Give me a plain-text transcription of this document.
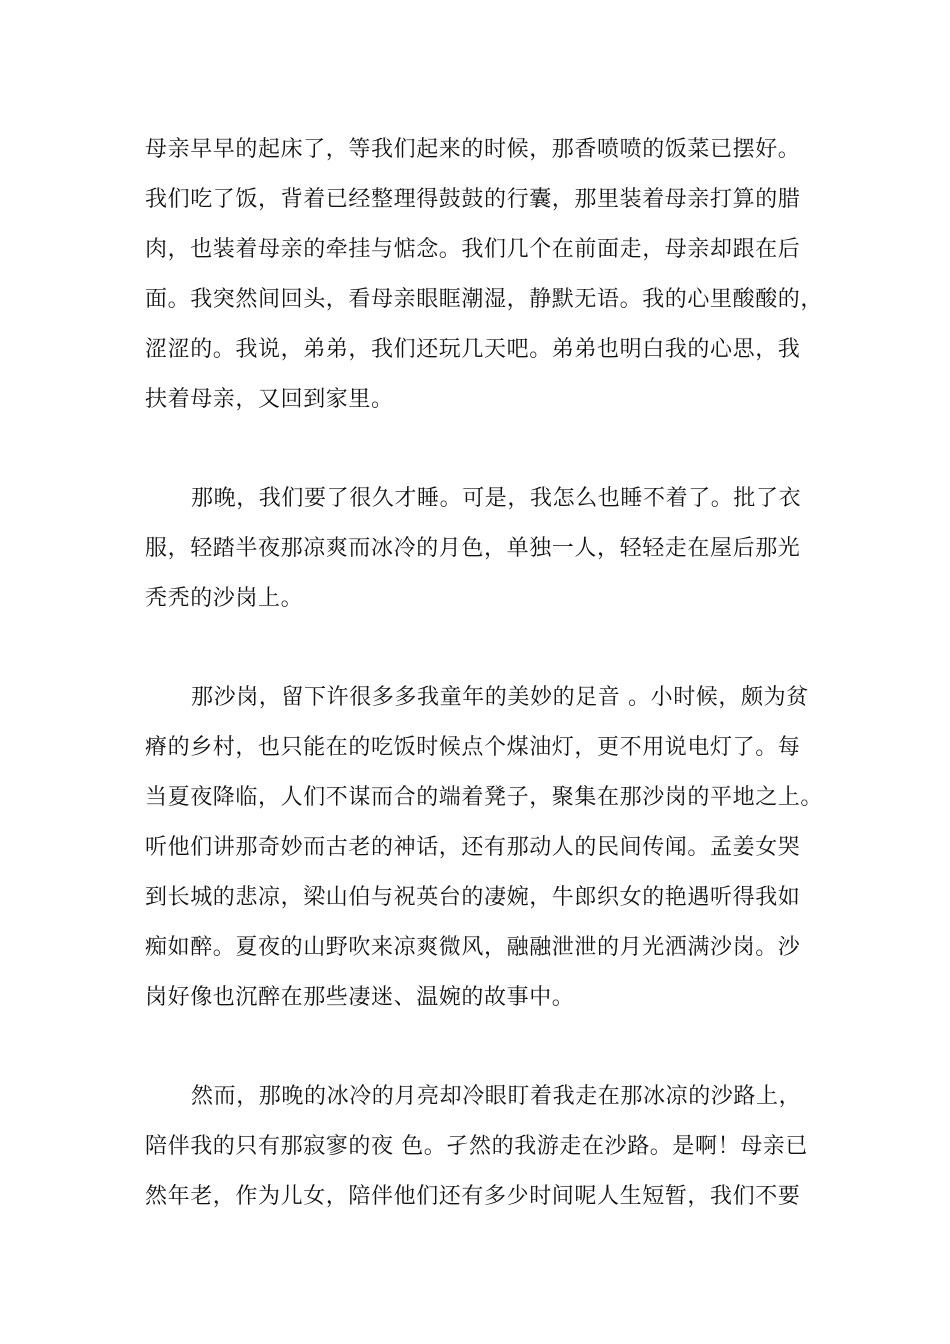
母亲早早的起床了，等我们起来的时候，那香喷喷的饭菜已摆好。
我们吃了饭，背着已经整理得鼓鼓的行囊，那里装着母亲打算的腊
肉，也装着母亲的牵挂与惦念。我们几个在前面走，母亲却跟在后
面。我突然间回头，看母亲眼眶潮湿，静默无语。我的心里酸酸的，
涩涩的。我说，弟弟，我们还玩几天吧。弟弟也明白我的心思，我
扶着母亲，又回到家里。
那晚，我们要了很久才睡。可是，我怎么也睡不着了。批了衣
服，轻踏半夜那凉爽而冰冷的月色，单独一人，轻轻走在屋后那光
秃秃的沙岗上。
那沙岗，留下许很多多我童年的美妙的足音 。小时候，颇为贫
瘠的乡村，也只能在的吃饭时候点个煤油灯，更不用说电灯了。每
当夏夜降临，人们不谋而合的端着凳子，聚集在那沙岗的平地之上。
听他们讲那奇妙而古老的神话，还有那动人的民间传闻。孟姜女哭
到长城的悲凉，梁山伯与祝英台的凄婉，牛郎织女的艳遇听得我如
痴如醉。夏夜的山野吹来凉爽微风，融融泄泄的月光洒满沙岗。沙
岗好像也沉醉在那些凄迷、温婉的故事中。
然而，那晚的冰冷的月亮却冷眼盯着我走在那冰凉的沙路上，
陪伴我的只有那寂寥的夜 色。孑然的我游走在沙路。是啊！母亲已
然年老，作为儿女，陪伴他们还有多少时间呢人生短暂，我们不要
